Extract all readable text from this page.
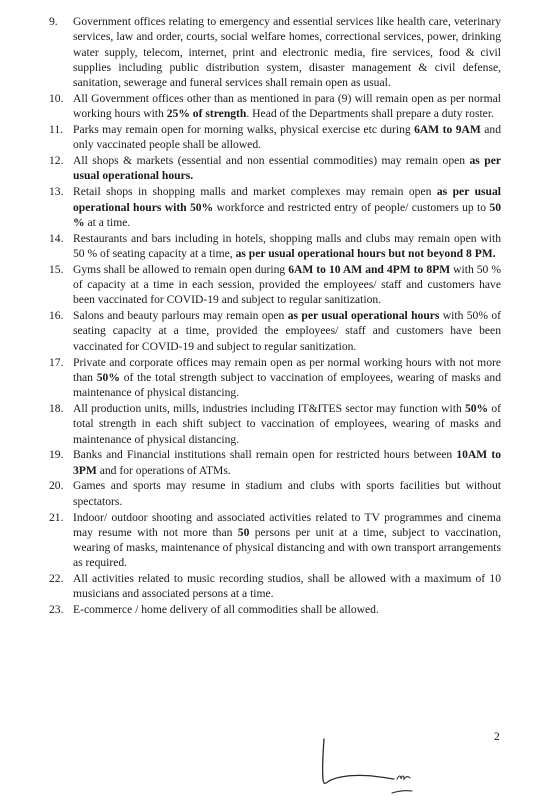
9.	Government offices relating to emergency and essential services like health care, veterinary services, law and order, courts, social welfare homes, correctional services, power, drinking water supply, telecom, internet, print and electronic media, fire services, food & civil supplies including public distribution system, disaster management & civil defense, sanitation, sewerage and funeral services shall remain open as usual.
10. All Government offices other than as mentioned in para (9) will remain open as per normal working hours with 25% of strength. Head of the Departments shall prepare a duty roster.
11. Parks may remain open for morning walks, physical exercise etc during 6AM to 9AM and only vaccinated people shall be allowed.
12. All shops & markets (essential and non essential commodities) may remain open as per usual operational hours.
13. Retail shops in shopping malls and market complexes may remain open as per usual operational hours with 50% workforce and restricted entry of people/ customers up to 50 % at a time.
14. Restaurants and bars including in hotels, shopping malls and clubs may remain open with 50 % of seating capacity at a time, as per usual operational hours but not beyond 8 PM.
15. Gyms shall be allowed to remain open during 6AM to 10 AM and 4PM to 8PM with 50 % of capacity at a time in each session, provided the employees/ staff and customers have been vaccinated for COVID-19 and subject to regular sanitization.
16. Salons and beauty parlours may remain open as per usual operational hours with 50% of seating capacity at a time, provided the employees/ staff and customers have been vaccinated for COVID-19 and subject to regular sanitization.
17. Private and corporate offices may remain open as per normal working hours with not more than 50% of the total strength subject to vaccination of employees, wearing of masks and maintenance of physical distancing.
18. All production units, mills, industries including IT&ITES sector may function with 50% of total strength in each shift subject to vaccination of employees, wearing of masks and maintenance of physical distancing.
19. Banks and Financial institutions shall remain open for restricted hours between 10AM to 3PM and for operations of ATMs.
20. Games and sports may resume in stadium and clubs with sports facilities but without spectators.
21. Indoor/ outdoor shooting and associated activities related to TV programmes and cinema may resume with not more than 50 persons per unit at a time, subject to vaccination, wearing of masks, maintenance of physical distancing and with own transport arrangements as required.
22. All activities related to music recording studios, shall be allowed with a maximum of 10 musicians and associated persons at a time.
23. E-commerce / home delivery of all commodities shall be allowed.
2
